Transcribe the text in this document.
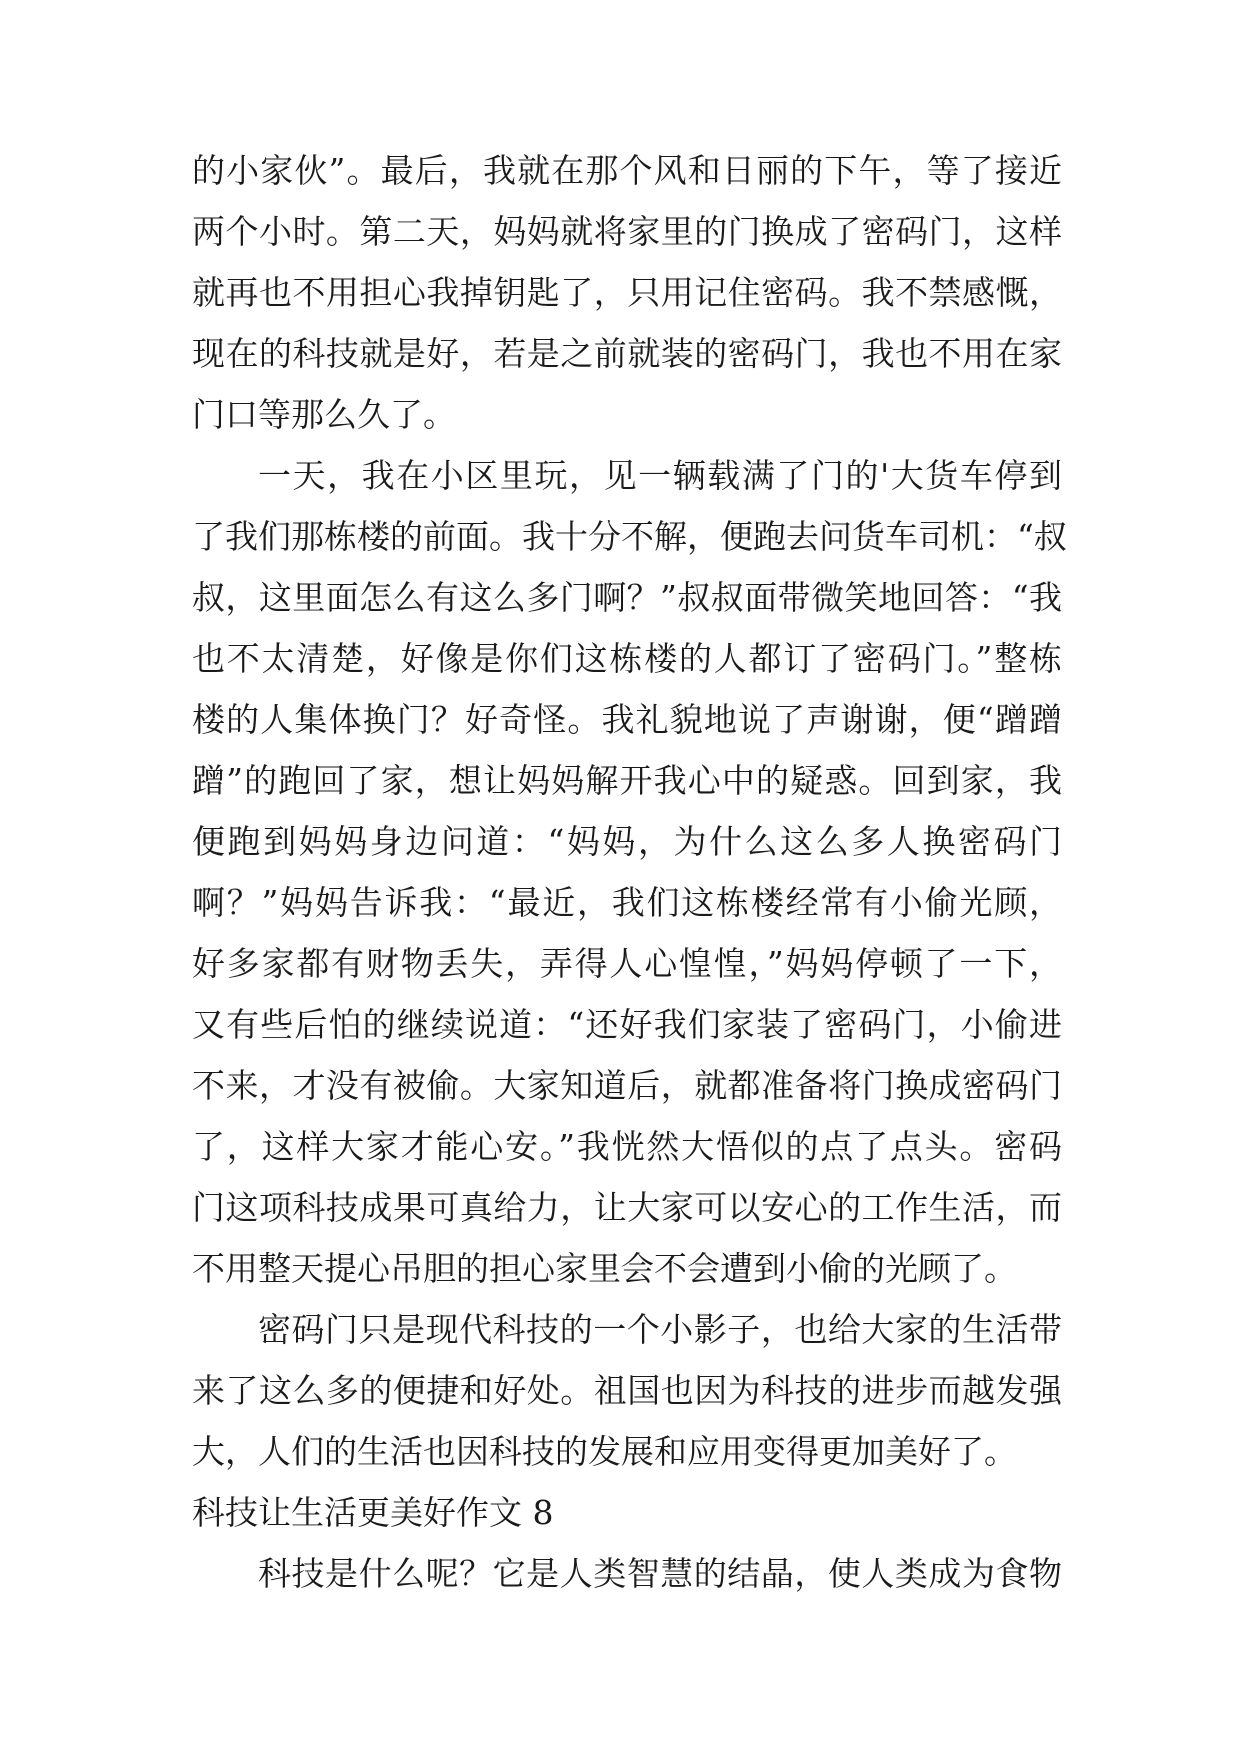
的小家伙”。最后，我就在那个风和日丽的下午，等了接近
两个小时。第二天，妈妈就将家里的门换成了密码门，这样
就再也不用担心我掉钥匙了，只用记住密码。我不禁感慨，
现在的科技就是好，若是之前就装的密码门，我也不用在家
门口等那么久了。
一天，我在小区里玩，见一辆载满了门的'大货车停到
了我们那栋楼的前面。我十分不解，便跑去问货车司机：“叔
叔，这里面怎么有这么多门啊？”叔叔面带微笑地回答：“我
也不太清楚，好像是你们这栋楼的人都订了密码门。”整栋
楼的人集体换门？好奇怪。我礼貌地说了声谢谢，便“蹭蹭
蹭”的跑回了家，想让妈妈解开我心中的疑惑。回到家，我
便跑到妈妈身边问道：“妈妈，为什么这么多人换密码门
啊？”妈妈告诉我：“最近，我们这栋楼经常有小偷光顾，
好多家都有财物丢失，弄得人心惶惶，”妈妈停顿了一下，
又有些后怕的继续说道：“还好我们家装了密码门，小偷进
不来，才没有被偷。大家知道后，就都准备将门换成密码门
了，这样大家才能心安。”我恍然大悟似的点了点头。密码
门这项科技成果可真给力，让大家可以安心的工作生活，而
不用整天提心吊胆的担心家里会不会遭到小偷的光顾了。
密码门只是现代科技的一个小影子，也给大家的生活带
来了这么多的便捷和好处。祖国也因为科技的进步而越发强
大，人们的生活也因科技的发展和应用变得更加美好了。
科技让生活更美好作文 8
科技是什么呢？它是人类智慧的结晶，使人类成为食物
